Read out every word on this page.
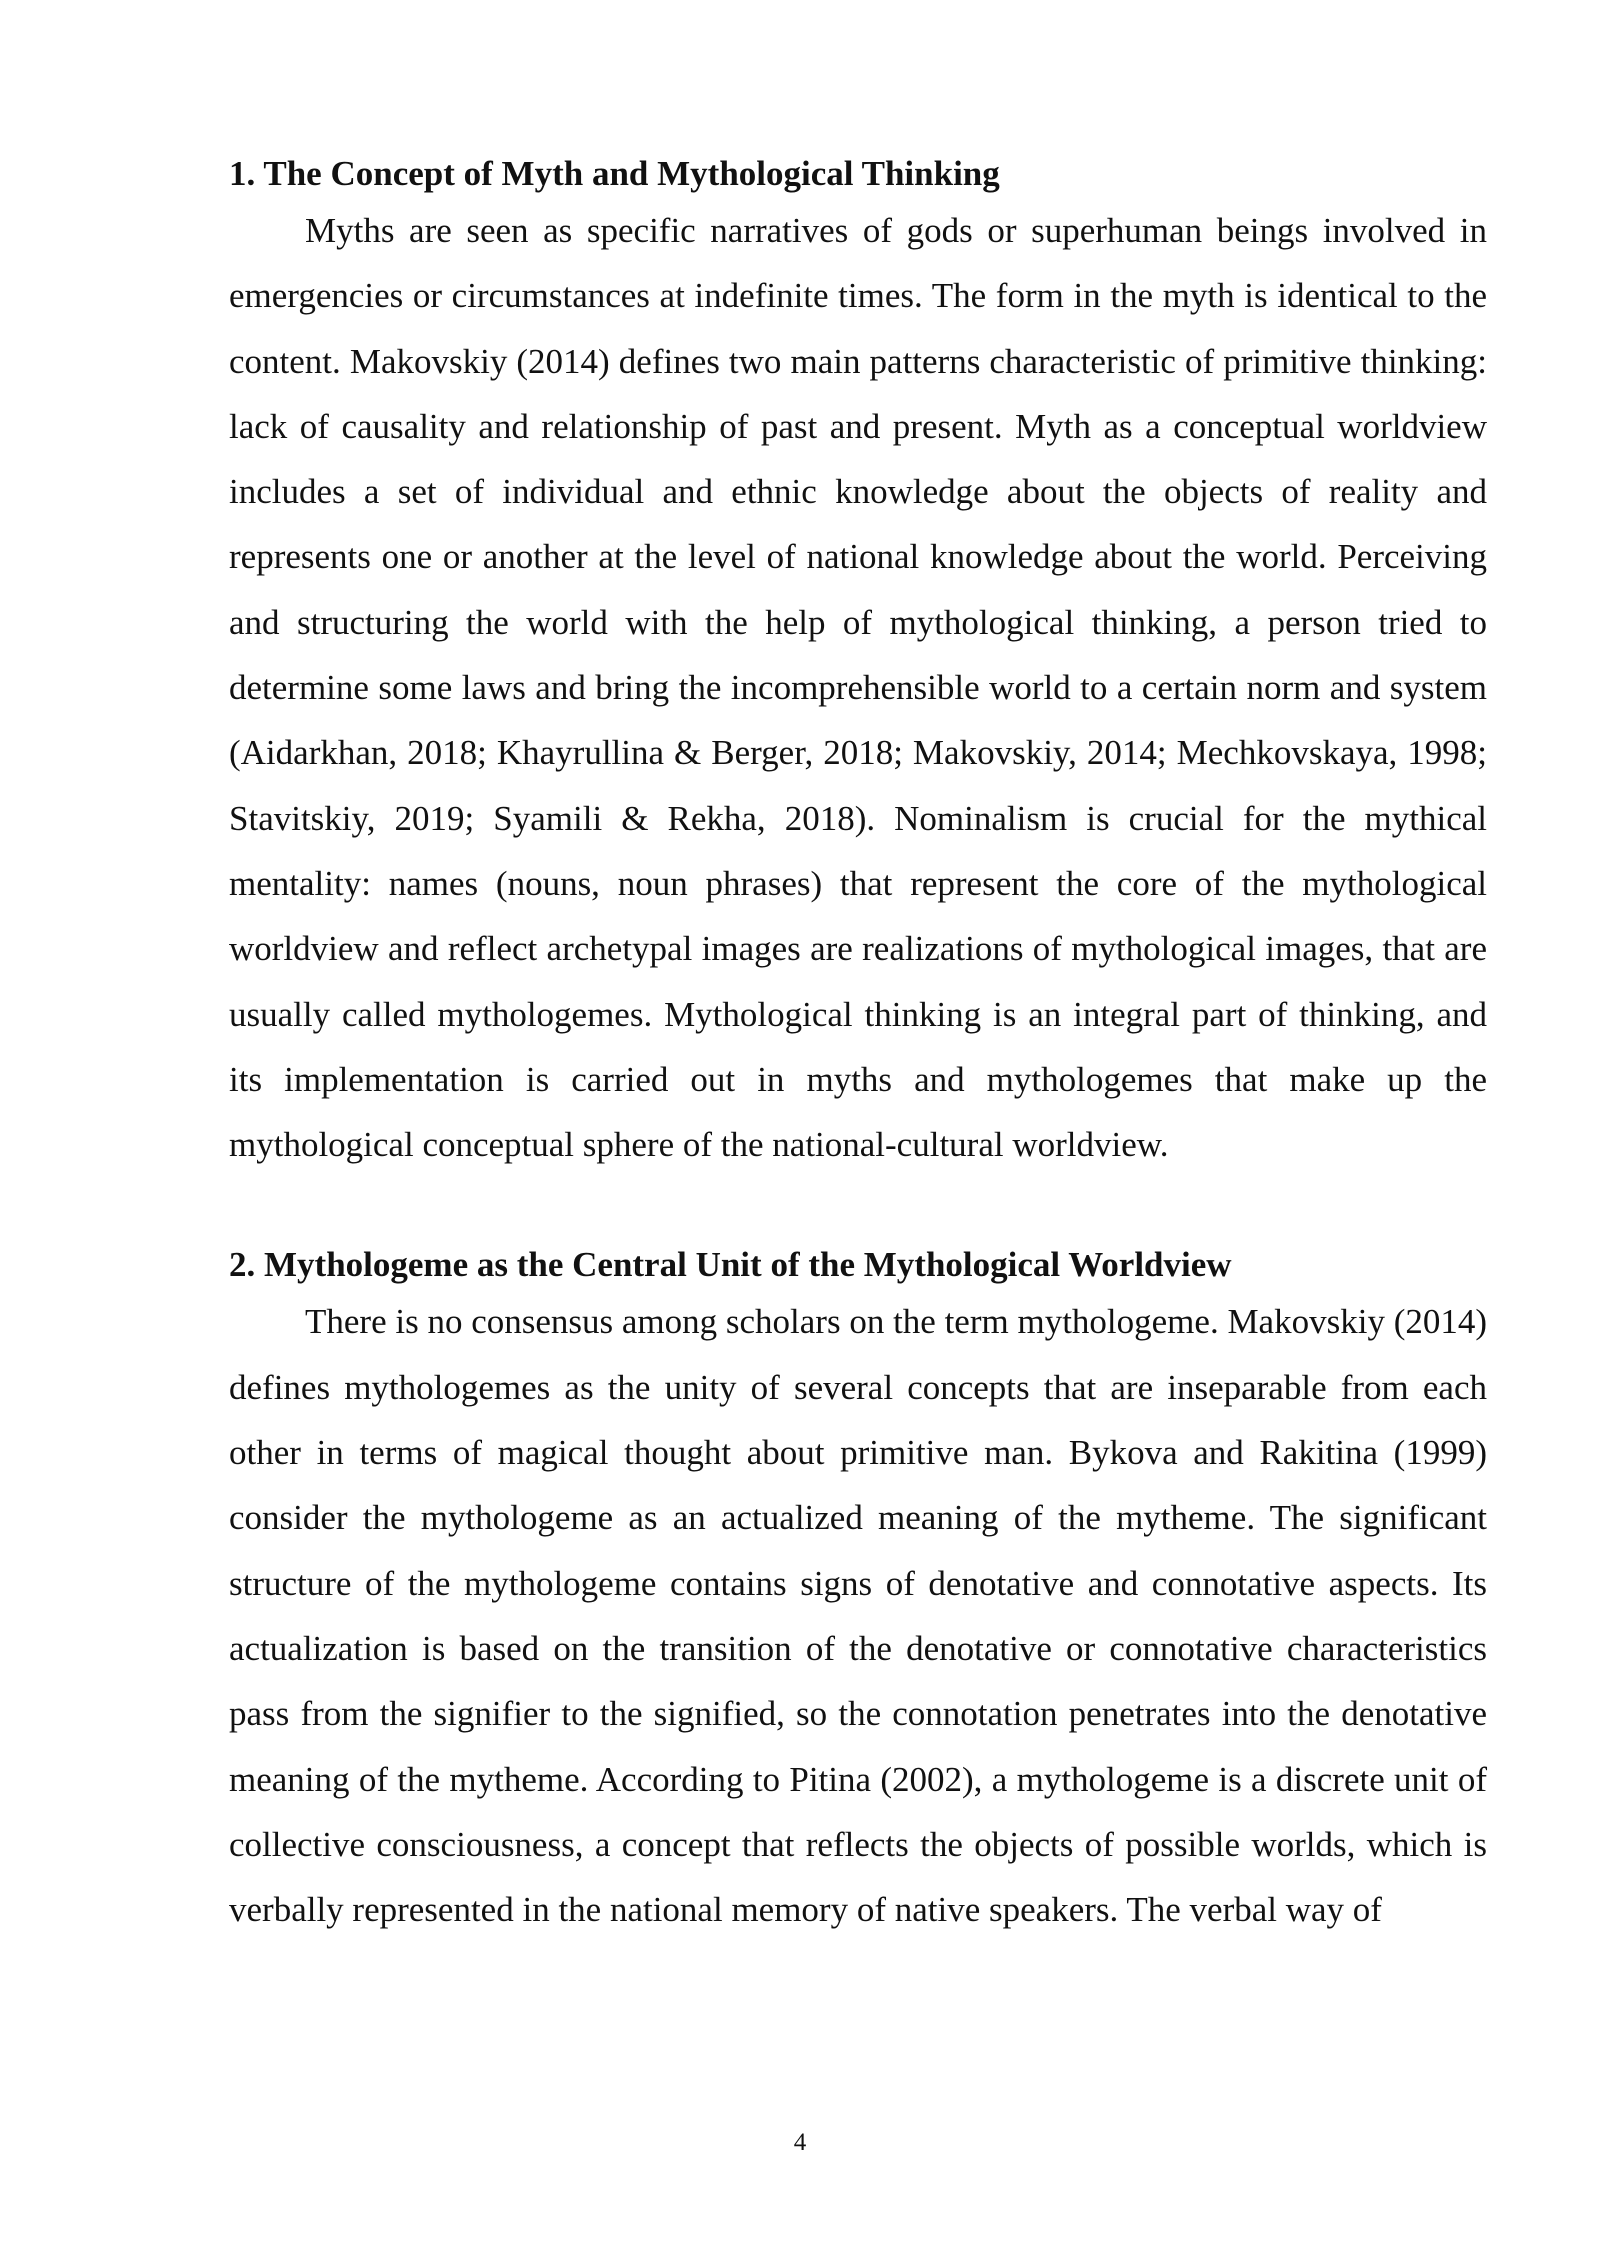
1. The Concept of Myth and Mythological Thinking

Myths are seen as specific narratives of gods or superhuman beings involved in emergencies or circumstances at indefinite times. The form in the myth is identical to the content. Makovskiy (2014) defines two main patterns characteristic of primitive thinking: lack of causality and relationship of past and present. Myth as a conceptual worldview includes a set of individual and ethnic knowledge about the objects of reality and represents one or another at the level of national knowledge about the world. Perceiving and structuring the world with the help of mythological thinking, a person tried to determine some laws and bring the incomprehensible world to a certain norm and system (Aidarkhan, 2018; Khayrullina & Berger, 2018; Makovskiy, 2014; Mechkovskaya, 1998; Stavitskiy, 2019; Syamili & Rekha, 2018). Nominalism is crucial for the mythical mentality: names (nouns, noun phrases) that represent the core of the mythological worldview and reflect archetypal images are realizations of mythological images, that are usually called mythologemes. Mythological thinking is an integral part of thinking, and its implementation is carried out in myths and mythologemes that make up the mythological conceptual sphere of the national-cultural worldview.

2. Mythologeme as the Central Unit of the Mythological Worldview

There is no consensus among scholars on the term mythologeme. Makovskiy (2014) defines mythologemes as the unity of several concepts that are inseparable from each other in terms of magical thought about primitive man. Bykova and Rakitina (1999) consider the mythologeme as an actualized meaning of the mytheme. The significant structure of the mythologeme contains signs of denotative and connotative aspects. Its actualization is based on the transition of the denotative or connotative characteristics pass from the signifier to the signified, so the connotation penetrates into the denotative meaning of the mytheme. According to Pitina (2002), a mythologeme is a discrete unit of collective consciousness, a concept that reflects the objects of possible worlds, which is verbally represented in the national memory of native speakers. The verbal way of

4
